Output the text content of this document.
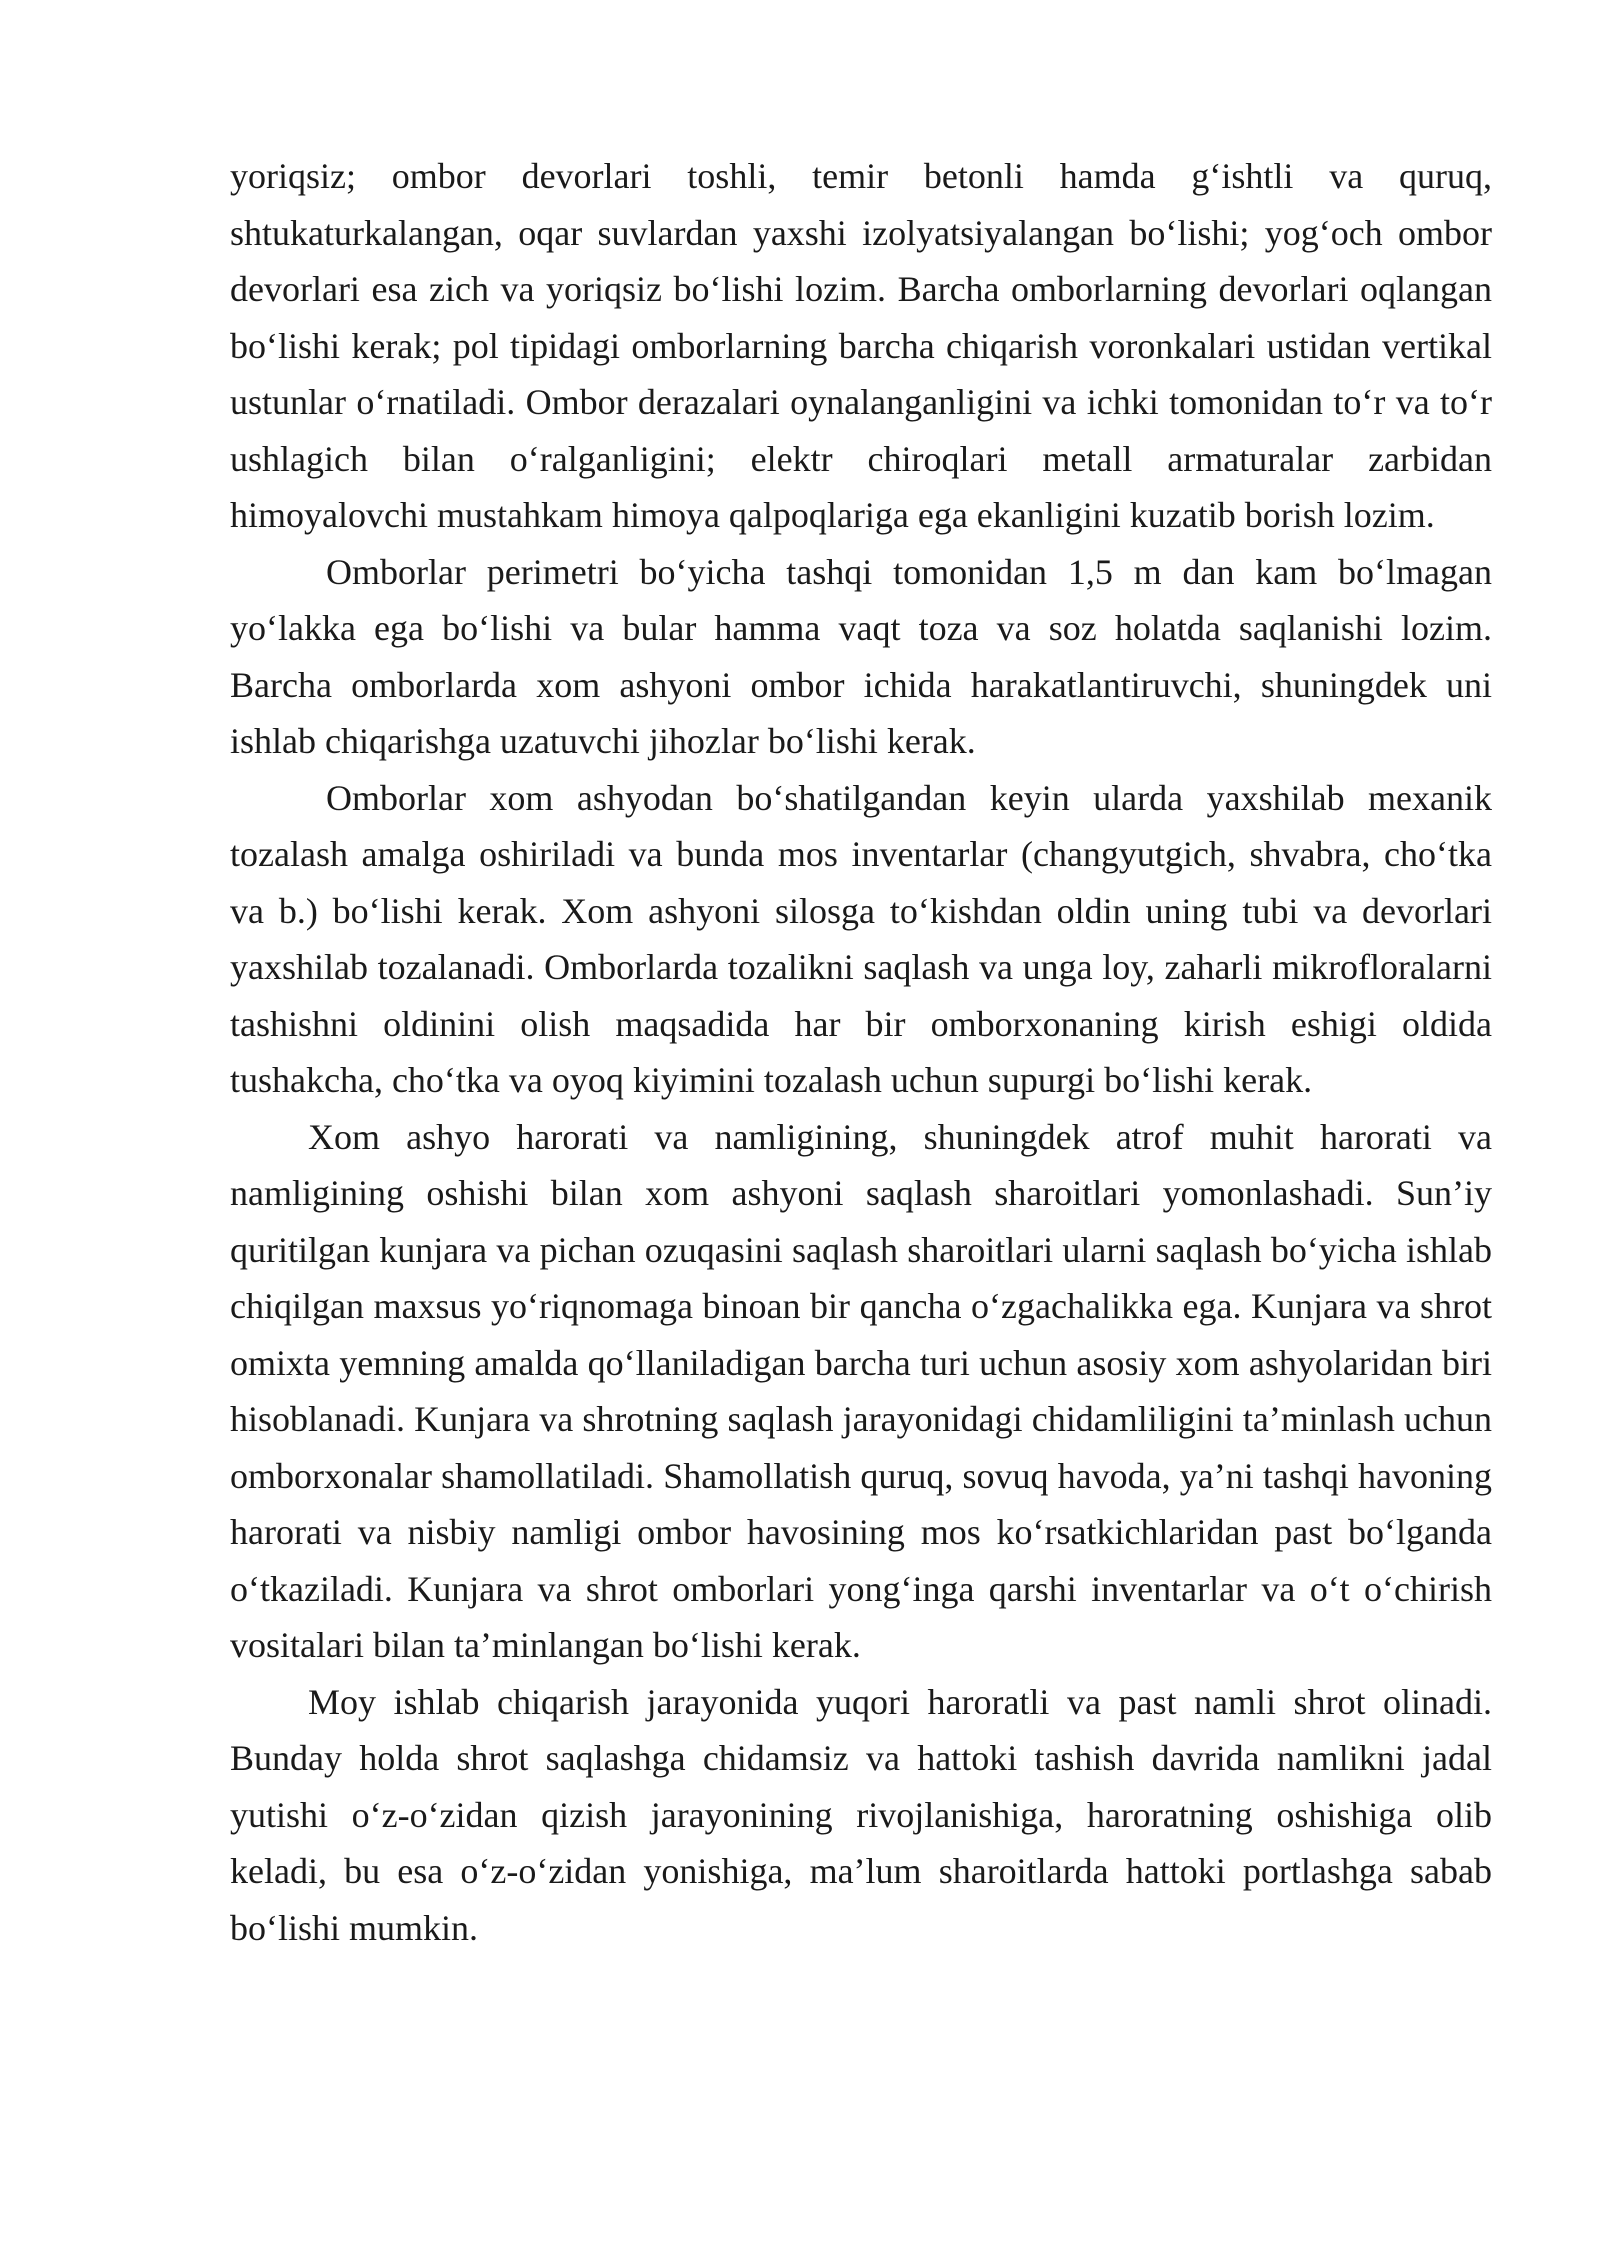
yoriqsiz; ombor devorlari toshli, temir betonli hamda g‘ishtli va quruq, shtukaturkalangan, oqar suvlardan yaxshi izolyatsiyalangan bo‘lishi; yog‘och ombor devorlari esa zich va yoriqsiz bo‘lishi lozim. Barcha omborlarning devorlari oqlangan bo‘lishi kerak; pol tipidagi omborlarning barcha chiqarish voronkalari ustidan vertikal ustunlar o‘rnatiladi. Ombor derazalari oynalanganligini va ichki tomonidan to‘r va to‘r ushlagich bilan o‘ralganligini; elektr chiroqlari metall armaturalar zarbidan himoyalovchi mustahkam himoya qalpoqlariga ega ekanligini kuzatib borish lozim.

Omborlar perimetri bo‘yicha tashqi tomonidan 1,5 m dan kam bo‘lmagan yo‘lakka ega bo‘lishi va bular hamma vaqt toza va soz holatda saqlanishi lozim. Barcha omborlarda xom ashyoni ombor ichida harakatlantiruvchi, shuningdek uni ishlab chiqarishga uzatuvchi jihozlar bo‘lishi kerak.

Omborlar xom ashyodan bo‘shatilgandan keyin ularda yaxshilab mexanik tozalash amalga oshiriladi va bunda mos inventarlar (changyutgich, shvabra, cho‘tka va b.) bo‘lishi kerak. Xom ashyoni silosga to‘kishdan oldin uning tubi va devorlari yaxshilab tozalanadi. Omborlarda tozalikni saqlash va unga loy, zaharli mikrofloralarni tashishni oldinini olish maqsadida har bir omborxonaning kirish eshigi oldida tushakcha, cho‘tka va oyoq kiyimini tozalash uchun supurgi bo‘lishi kerak.

Xom ashyo harorati va namligining, shuningdek atrof muhit harorati va namligining oshishi bilan xom ashyoni saqlash sharoitlari yomonlashadi. Sun’iy quritilgan kunjara va pichan ozuqasini saqlash sharoitlari ularni saqlash bo‘yicha ishlab chiqilgan maxsus yo‘riqnomaga binoan bir qancha o‘zgachalikka ega. Kunjara va shrot omixta yemning amalda qo‘llaniladigan barcha turi uchun asosiy xom ashyolaridan biri hisoblanadi. Kunjara va shrotning saqlash jarayonidagi chidamliligini ta’minlash uchun omborxonalar shamollatiladi. Shamollatish quruq, sovuq havoda, ya’ni tashqi havoning harorati va nisbiy namligi ombor havosining mos ko‘rsatkichlaridan past bo‘lganda o‘tkaziladi. Kunjara va shrot omborlari yong‘inga qarshi inventarlar va o‘t o‘chirish vositalari bilan ta’minlangan bo‘lishi kerak.

Moy ishlab chiqarish jarayonida yuqori haroratli va past namli shrot olinadi. Bunday holda shrot saqlashga chidamsiz va hattoki tashish davrida namlikni jadal yutishi o‘z-o‘zidan qizish jarayonining rivojlanishiga, haroratning oshishiga olib keladi, bu esa o‘z-o‘zidan yonishiga, ma’lum sharoitlarda hattoki portlashga sabab bo‘lishi mumkin.
